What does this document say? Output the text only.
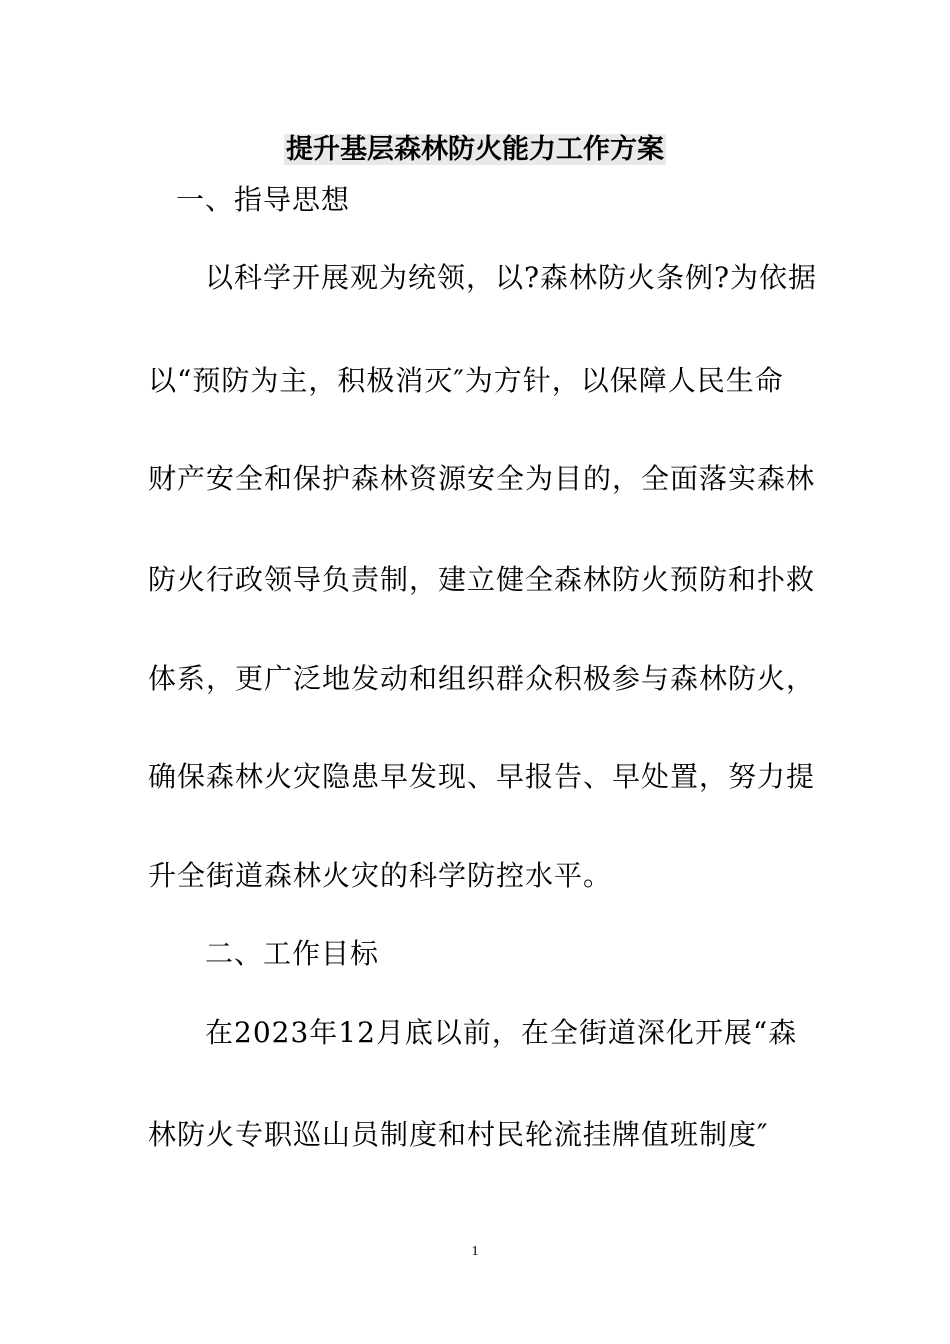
提升基层森林防火能力工作方案
一、指导思想
以科学开展观为统领，以?森林防火条例?为依据
以“预防为主，积极消灭″为方针，以保障人民生命
财产安全和保护森林资源安全为目的，全面落实森林
防火行政领导负责制，建立健全森林防火预防和扑救
体系，更广泛地发动和组织群众积极参与森林防火，
确保森林火灾隐患早发现、早报告、早处置，努力提
升全街道森林火灾的科学防控水平。
二、工作目标
在2023年12月底以前，在全街道深化开展“森
林防火专职巡山员制度和村民轮流挂牌值班制度″
1
